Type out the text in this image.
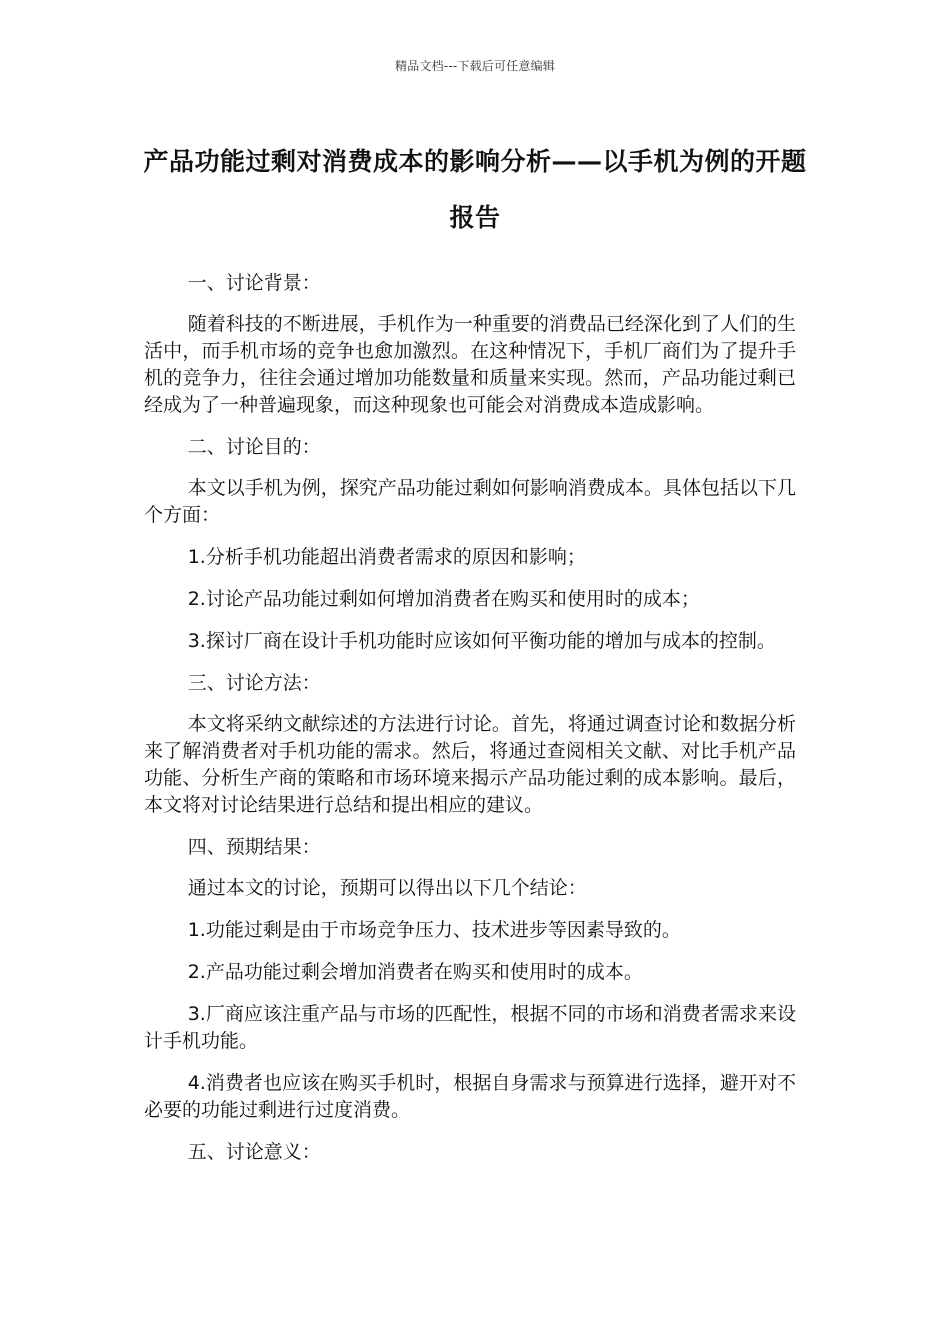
精品文档---下载后可任意编辑
产品功能过剩对消费成本的影响分析——以手机为例的开题报告

一、讨论背景：

随着科技的不断进展，手机作为一种重要的消费品已经深化到了人们的生活中，而手机市场的竞争也愈加激烈。在这种情况下，手机厂商们为了提升手机的竞争力，往往会通过增加功能数量和质量来实现。然而，产品功能过剩已经成为了一种普遍现象，而这种现象也可能会对消费成本造成影响。

二、讨论目的：

本文以手机为例，探究产品功能过剩如何影响消费成本。具体包括以下几个方面：

1.分析手机功能超出消费者需求的原因和影响；

2.讨论产品功能过剩如何增加消费者在购买和使用时的成本；

3.探讨厂商在设计手机功能时应该如何平衡功能的增加与成本的控制。

三、讨论方法：

本文将采纳文献综述的方法进行讨论。首先，将通过调查讨论和数据分析来了解消费者对手机功能的需求。然后，将通过查阅相关文献、对比手机产品功能、分析生产商的策略和市场环境来揭示产品功能过剩的成本影响。最后，本文将对讨论结果进行总结和提出相应的建议。

四、预期结果：

通过本文的讨论，预期可以得出以下几个结论：

1.功能过剩是由于市场竞争压力、技术进步等因素导致的。

2.产品功能过剩会增加消费者在购买和使用时的成本。

3.厂商应该注重产品与市场的匹配性，根据不同的市场和消费者需求来设计手机功能。

4.消费者也应该在购买手机时，根据自身需求与预算进行选择，避开对不必要的功能过剩进行过度消费。

五、讨论意义：
